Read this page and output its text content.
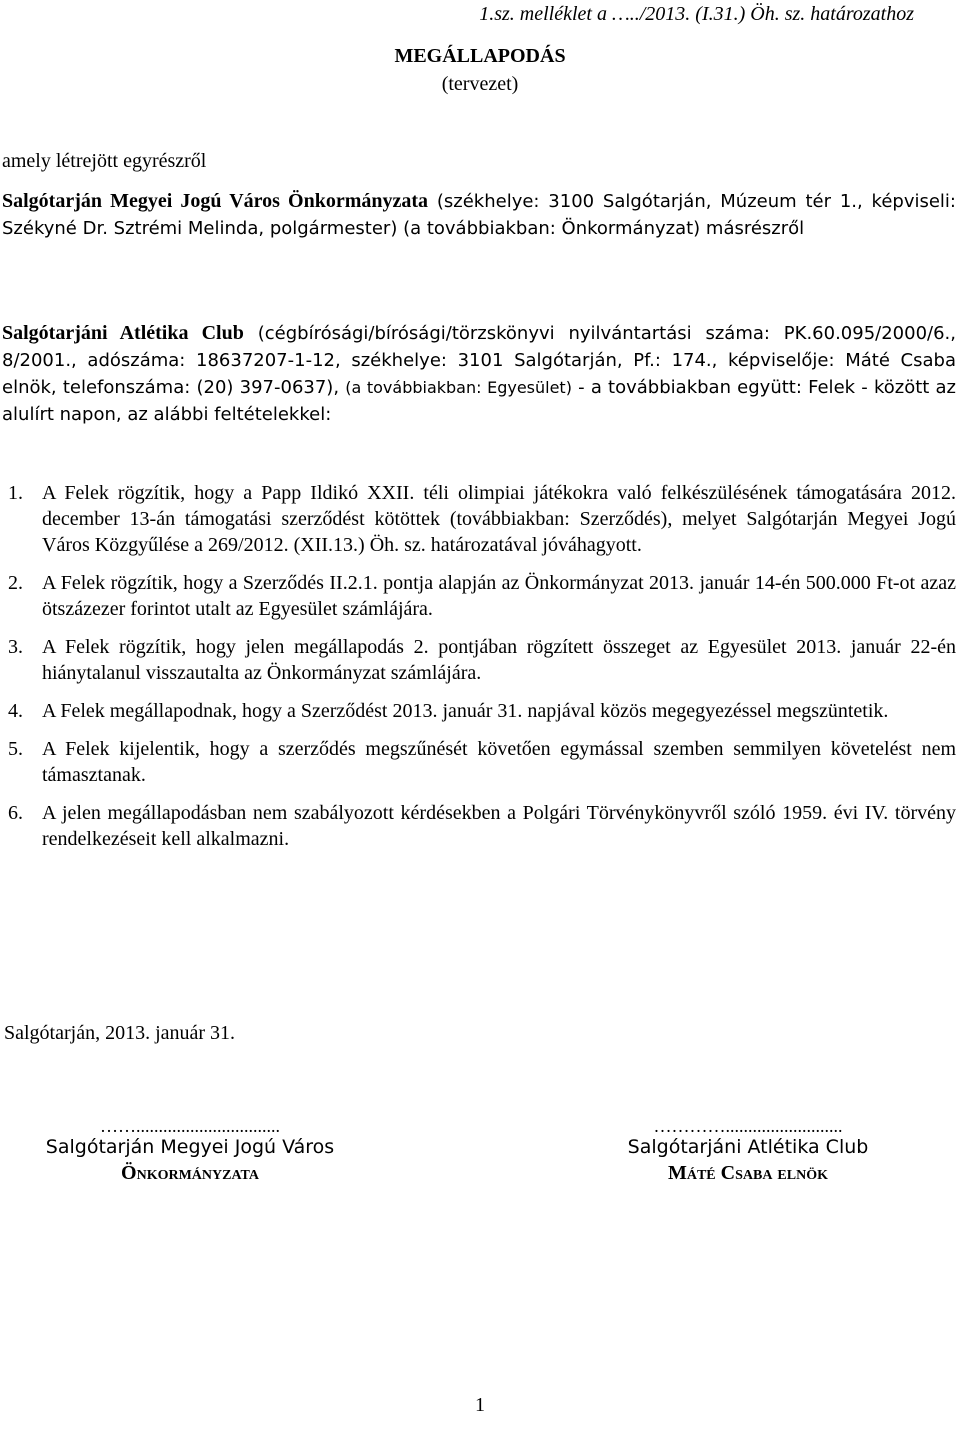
1.sz. melléklet a …../2013. (I.31.) Öh. sz. határozathoz
MEGÁLLAPODÁS
(tervezet)
amely létrejött egyrészről
Salgótarján Megyei Jogú Város Önkormányzata (székhelye: 3100 Salgótarján, Múzeum tér 1., képviseli: Székyné Dr. Sztrémi Melinda, polgármester) (a továbbiakban: Önkormányzat) másrészről
Salgótarjáni Atlétika Club (cégbírósági/bírósági/törzskönyvi nyilvántartási száma: PK.60.095/2000/6., 8/2001., adószáma: 18637207-1-12, székhelye: 3101 Salgótarján, Pf.: 174., képviselője: Máté Csaba elnök, telefonszáma: (20) 397-0637), (a továbbiakban: Egyesület) - a továbbiakban együtt: Felek - között az alulírt napon, az alábbi feltételekkel:
1. A Felek rögzítik, hogy a Papp Ildikó XXII. téli olimpiai játékokra való felkészülésének támogatására 2012. december 13-án támogatási szerződést kötöttek (továbbiakban: Szerződés), melyet Salgótarján Megyei Jogú Város Közgyűlése a 269/2012. (XII.13.) Öh. sz. határozatával jóváhagyott.
2. A Felek rögzítik, hogy a Szerződés II.2.1. pontja alapján az Önkormányzat 2013. január 14-én 500.000 Ft-ot azaz ötszázezer forintot utalt az Egyesület számlájára.
3. A Felek rögzítik, hogy jelen megállapodás 2. pontjában rögzített összeget az Egyesület 2013. január 22-én hiánytalanul visszautalta az Önkormányzat számlájára.
4. A Felek megállapodnak, hogy a Szerződést 2013. január 31. napjával közös megegyezéssel megszüntetik.
5. A Felek kijelentik, hogy a szerződés megszűnését követően egymással szemben semmilyen követelést nem támasztanak.
6. A jelen megállapodásban nem szabályozott kérdésekben a Polgári Törvénykönyvről szóló 1959. évi IV. törvény rendelkezéseit kell alkalmazni.
Salgótarján, 2013. január 31.
……................................
Salgótarján Megyei Jogú Város
Önkormányzata
…………..........................
Salgótarjáni Atlétika Club
Máté Csaba elnök
1
